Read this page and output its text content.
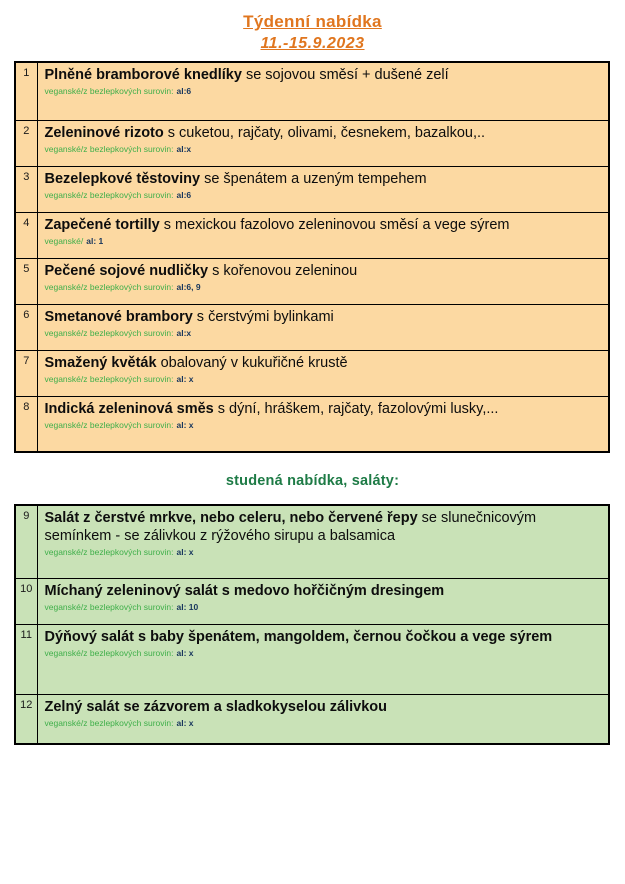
Týdenní nabídka
11.-15.9.2023
1	Plněné bramborové knedlíky se sojovou směsí + dušené zelí
veganské/z bezlepkových surovin: al:6

2	Zeleninové rizoto s cuketou, rajčaty, olivami, česnekem, bazalkou,..
veganské/z bezlepkových surovin: al:x

3	Bezelepkové těstoviny se špenátem a uzeným tempehem
veganské/z bezlepkových surovin: al:6

4	Zapečené tortilly s mexickou fazolovo zeleninovou směsí a vege sýrem
veganské/ al: 1

5	Pečené sojové nudličky s kořenovou zeleninou
veganské/z bezlepkových surovin: al:6, 9

6	Smetanové brambory s čerstvými bylinkami
veganské/z bezlepkových surovin: al:x

7	Smažený květák obalovaný v kukuřičné krustě
veganské/z bezlepkových surovin: al: x

8	Indická zeleninová směs s dýní, hráškem, rajčaty, fazolovými lusky,...
veganské/z bezlepkových surovin: al: x
studená nabídka, saláty:
9	Salát z čerstvé mrkve, nebo celeru, nebo červené řepy se slunečnicovým semínkem - se zálivkou z rýžového sirupu a balsamica
veganské/z bezlepkových surovin: al: x

10	Míchaný zeleninový salát s medovo hořčičným dresingem
veganské/z bezlepkových surovin: al: 10

11	Dýňový salát s baby špenátem, mangoldem, černou čočkou a vege sýrem
veganské/z bezlepkových surovin: al: x

12	Zelný salát se zázvorem a sladkokyselou zálivkou
veganské/z bezlepkových surovin: al: x
